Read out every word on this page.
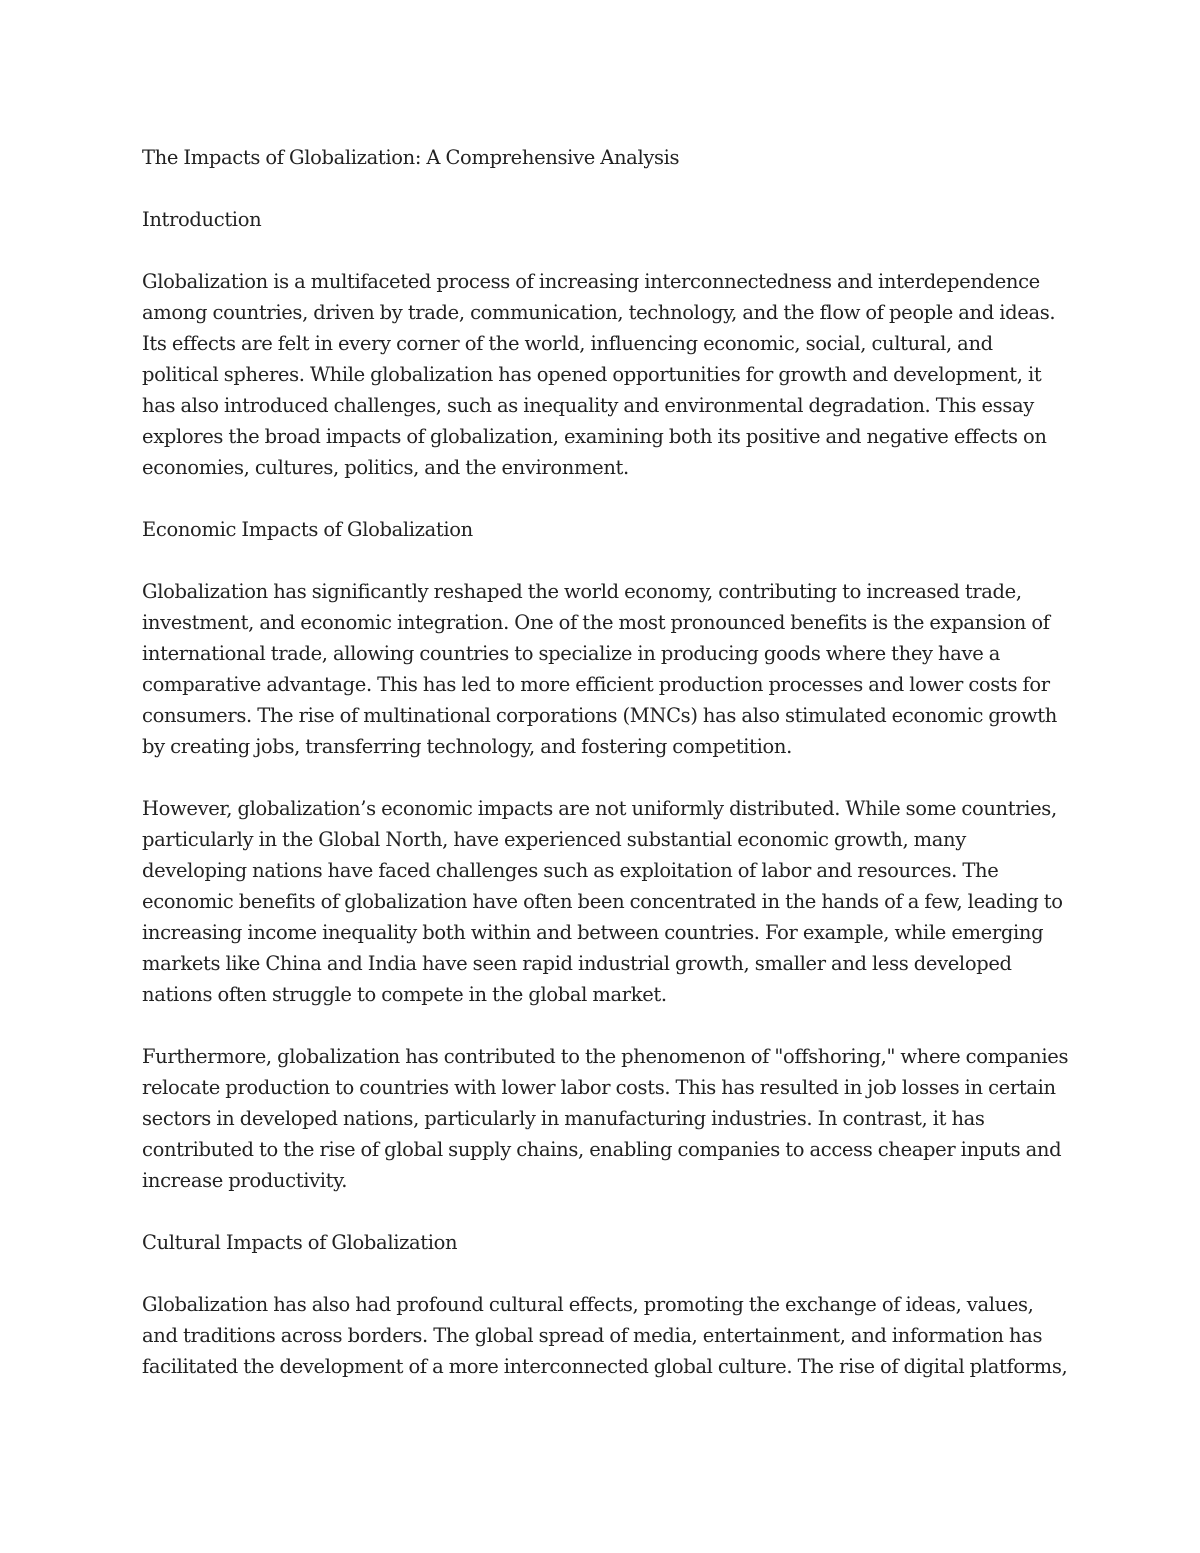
The Impacts of Globalization: A Comprehensive Analysis
Introduction
Globalization is a multifaceted process of increasing interconnectedness and interdependence
among countries, driven by trade, communication, technology, and the flow of people and ideas.
Its effects are felt in every corner of the world, influencing economic, social, cultural, and
political spheres. While globalization has opened opportunities for growth and development, it
has also introduced challenges, such as inequality and environmental degradation. This essay
explores the broad impacts of globalization, examining both its positive and negative effects on
economies, cultures, politics, and the environment.
Economic Impacts of Globalization
Globalization has significantly reshaped the world economy, contributing to increased trade,
investment, and economic integration. One of the most pronounced benefits is the expansion of
international trade, allowing countries to specialize in producing goods where they have a
comparative advantage. This has led to more efficient production processes and lower costs for
consumers. The rise of multinational corporations (MNCs) has also stimulated economic growth
by creating jobs, transferring technology, and fostering competition.
However, globalization’s economic impacts are not uniformly distributed. While some countries,
particularly in the Global North, have experienced substantial economic growth, many
developing nations have faced challenges such as exploitation of labor and resources. The
economic benefits of globalization have often been concentrated in the hands of a few, leading to
increasing income inequality both within and between countries. For example, while emerging
markets like China and India have seen rapid industrial growth, smaller and less developed
nations often struggle to compete in the global market.
Furthermore, globalization has contributed to the phenomenon of "offshoring," where companies
relocate production to countries with lower labor costs. This has resulted in job losses in certain
sectors in developed nations, particularly in manufacturing industries. In contrast, it has
contributed to the rise of global supply chains, enabling companies to access cheaper inputs and
increase productivity.
Cultural Impacts of Globalization
Globalization has also had profound cultural effects, promoting the exchange of ideas, values,
and traditions across borders. The global spread of media, entertainment, and information has
facilitated the development of a more interconnected global culture. The rise of digital platforms,
